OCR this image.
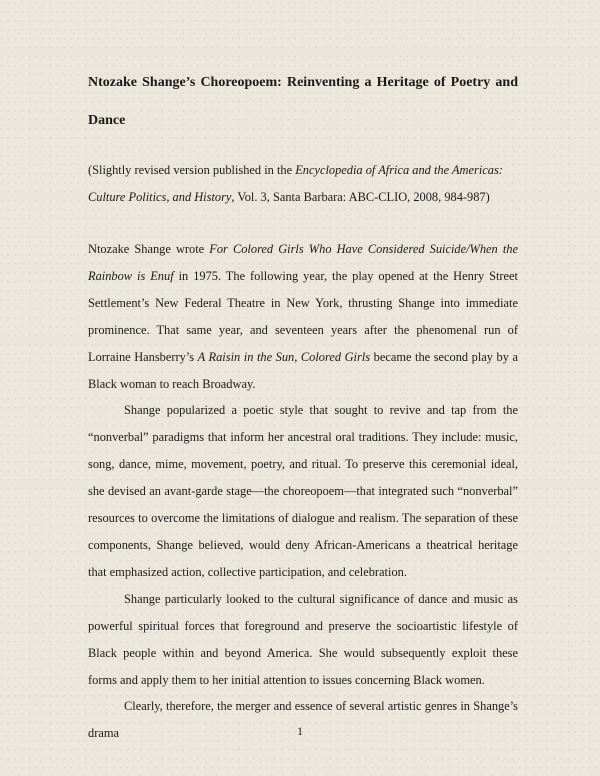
Ntozake Shange’s Choreopoem: Reinventing a Heritage of Poetry and Dance

(Slightly revised version published in the Encyclopedia of Africa and the Americas: Culture Politics, and History, Vol. 3, Santa Barbara: ABC-CLIO, 2008, 984-987)

Ntozake Shange wrote For Colored Girls Who Have Considered Suicide/When the Rainbow is Enuf in 1975. The following year, the play opened at the Henry Street Settlement’s New Federal Theatre in New York, thrusting Shange into immediate prominence. That same year, and seventeen years after the phenomenal run of Lorraine Hansberry’s A Raisin in the Sun, Colored Girls became the second play by a Black woman to reach Broadway.

Shange popularized a poetic style that sought to revive and tap from the “nonverbal” paradigms that inform her ancestral oral traditions. They include: music, song, dance, mime, movement, poetry, and ritual. To preserve this ceremonial ideal, she devised an avant-garde stage—the choreopoem—that integrated such “nonverbal” resources to overcome the limitations of dialogue and realism. The separation of these components, Shange believed, would deny African-Americans a theatrical heritage that emphasized action, collective participation, and celebration.

Shange particularly looked to the cultural significance of dance and music as powerful spiritual forces that foreground and preserve the socioartistic lifestyle of Black people within and beyond America. She would subsequently exploit these forms and apply them to her initial attention to issues concerning Black women.

Clearly, therefore, the merger and essence of several artistic genres in Shange’s drama	1
